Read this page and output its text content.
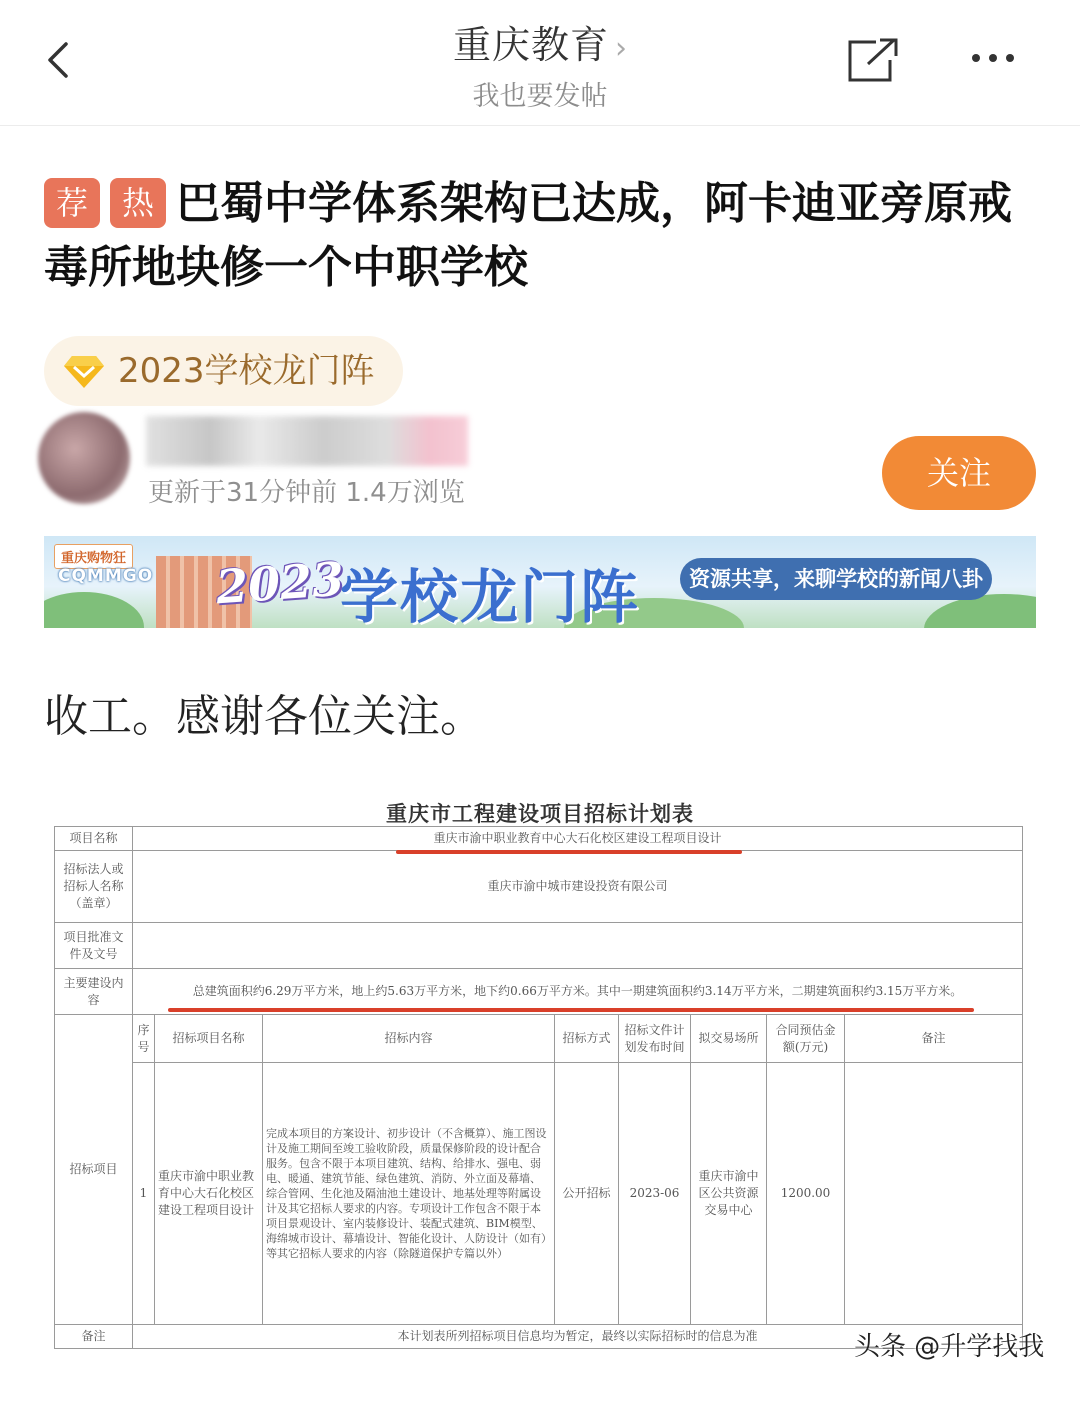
重庆教育 ›
我也要发帖
荐 热 巴蜀中学体系架构已达成，阿卡迪亚旁原戒毒所地块修一个中职学校
2023学校龙门阵
更新于31分钟前 1.4万浏览
关注
重庆购物狂
CQMMGO 2023
学校龙门阵	资源共享，来聊学校的新闻八卦
收工。感谢各位关注。
重庆市工程建设项目招标计划表
项目名称	重庆市渝中职业教育中心大石化校区建设工程项目设计							
招标法人或招标人名称（盖章）	重庆市渝中城市建设投资有限公司							
项目批准文件及文号								
主要建设内容	总建筑面积约6.29万平方米，地上约5.63万平方米，地下约0.66万平方米。其中一期建筑面积约3.14万平方米，二期建筑面积约3.15万平方米。							
招标项目	序号	招标项目名称	招标内容	招标方式	招标文件计划发布时间	拟交易场所	合同预估金额(万元)	备注
	1	重庆市渝中职业教育中心大石化校区建设工程项目设计	完成本项目的方案设计、初步设计（不含概算）、施工图设计及施工期间至竣工验收阶段，质量保修阶段的设计配合服务。包含不限于本项目建筑、结构、给排水、强电、弱电、暖通、建筑节能、绿色建筑、消防、外立面及幕墙、综合管网、生化池及隔油池土建设计、地基处理等附属设计及其它招标人要求的内容。专项设计工作包含不限于本项目景观设计、室内装修设计、装配式建筑、BIM模型、海绵城市设计、幕墙设计、智能化设计、人防设计（如有）等其它招标人要求的内容（除隧道保护专篇以外）	公开招标	2023-06	重庆市渝中区公共资源交易中心	1200.00	
备注	本计划表所列招标项目信息均为暂定，最终以实际招标时的信息为准								头条 @升学找我
